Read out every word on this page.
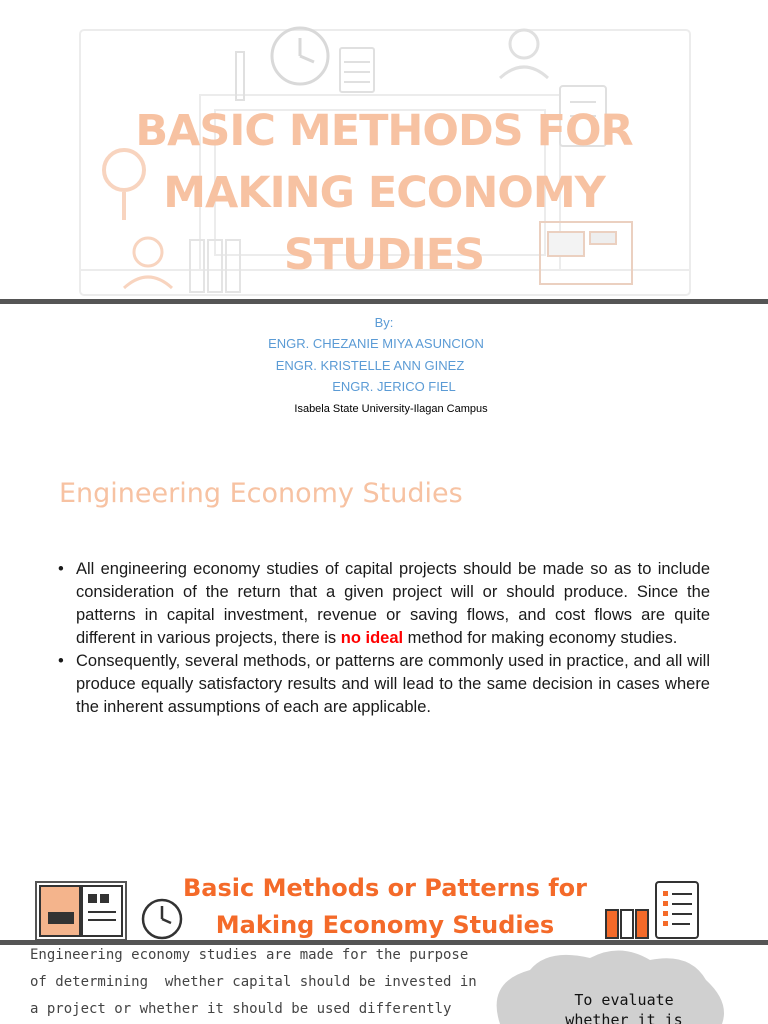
BASIC METHODS FOR MAKING ECONOMY STUDIES
By:
ENGR. CHEZANIE MIYA ASUNCION
ENGR. KRISTELLE ANN GINEZ
ENGR. JERICO FIEL
Isabela State University-Ilagan Campus
Engineering Economy Studies
• All engineering economy studies of capital projects should be made so as to include consideration of the return that a given project will or should produce. Since the patterns in capital investment, revenue or saving flows, and cost flows are quite different in various projects, there is no ideal method for making economy studies.
• Consequently, several methods, or patterns are commonly used in practice, and all will produce equally satisfactory results and will lead to the same decision in cases where the inherent assumptions of each are applicable.
Basic Methods or Patterns for
Making Economy Studies
Engineering economy studies are made for the purpose
of determining  whether capital should be invested in
a project or whether it should be used differently	To evaluate
whether it is
